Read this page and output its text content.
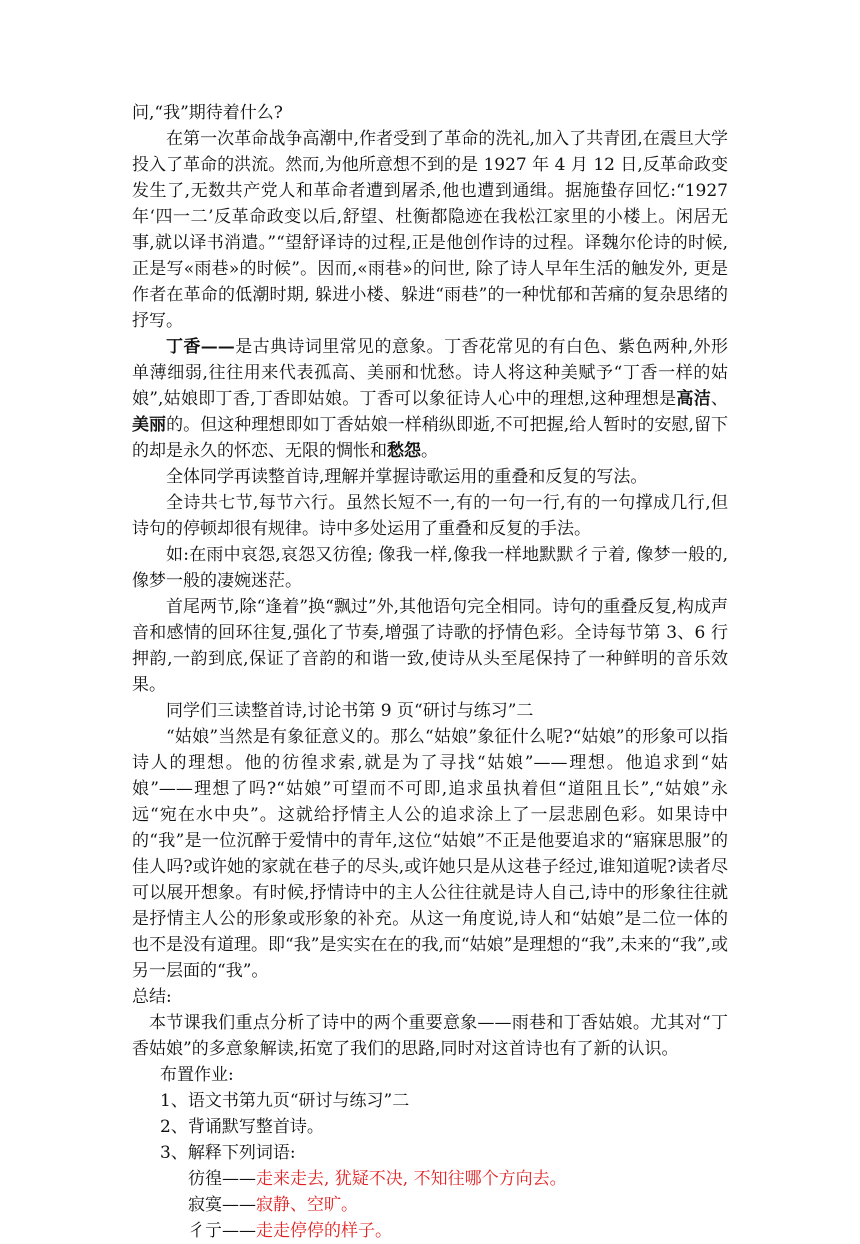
问,“我”期待着什么?

在第一次革命战争高潮中,作者受到了革命的洗礼,加入了共青团,在震旦大学投入了革命的洪流。然而,为他所意想不到的是 1927 年 4 月 12 日,反革命政变发生了,无数共产党人和革命者遭到屠杀,他也遭到通缉。据施蛰存回忆:“1927 年‘四一二’反革命政变以后,舒望、杜衡都隐迹在我松江家里的小楼上。闲居无事,就以译书消遣。”“望舒译诗的过程,正是他创作诗的过程。译魏尔伦诗的时候,正是写«雨巷»的时候”。因而,«雨巷»的问世, 除了诗人早年生活的触发外, 更是作者在革命的低潮时期, 躲进小楼、躲进“雨巷”的一种忧郁和苦痛的复杂思绪的抒写。

丁香——是古典诗词里常见的意象。丁香花常见的有白色、紫色两种,外形单薄细弱,往往用来代表孤高、美丽和忧愁。诗人将这种美赋予“丁香一样的姑娘”,姑娘即丁香,丁香即姑娘。丁香可以象征诗人心中的理想,这种理想是高洁、美丽的。但这种理想即如丁香姑娘一样稍纵即逝,不可把握,给人暂时的安慰,留下的却是永久的怀恋、无限的惆怅和愁怨。

全体同学再读整首诗,理解并掌握诗歌运用的重叠和反复的写法。

全诗共七节,每节六行。虽然长短不一,有的一句一行,有的一句撑成几行,但诗句的停顿却很有规律。诗中多处运用了重叠和反复的手法。

如:在雨中哀怨,哀怨又彷徨; 像我一样,像我一样地默默彳亍着, 像梦一般的,像梦一般的凄婉迷茫。

首尾两节,除“逢着”换“飘过”外,其他语句完全相同。诗句的重叠反复,构成声音和感情的回环往复,强化了节奏,增强了诗歌的抒情色彩。全诗每节第 3、6 行押韵,一韵到底,保证了音韵的和谐一致,使诗从头至尾保持了一种鲜明的音乐效果。

同学们三读整首诗,讨论书第 9 页“研讨与练习”二

“姑娘”当然是有象征意义的。那么“姑娘”象征什么呢?“姑娘”的形象可以指诗人的理想。他的彷徨求索,就是为了寻找“姑娘”——理想。他追求到“姑娘”——理想了吗?“姑娘”可望而不可即,追求虽执着但“道阻且长”,“姑娘”永远“宛在水中央”。这就给抒情主人公的追求涂上了一层悲剧色彩。如果诗中的“我”是一位沉醉于爱情中的青年,这位“姑娘”不正是他要追求的“寤寐思服”的佳人吗?或许她的家就在巷子的尽头,或许她只是从这巷子经过,谁知道呢?读者尽可以展开想象。有时候,抒情诗中的主人公往往就是诗人自己,诗中的形象往往就是抒情主人公的形象或形象的补充。从这一角度说,诗人和“姑娘”是二位一体的也不是没有道理。即“我”是实实在在的我,而“姑娘”是理想的“我”,未来的“我”,或另一层面的“我”。

总结:

本节课我们重点分析了诗中的两个重要意象——雨巷和丁香姑娘。尤其对“丁香姑娘”的多意象解读,拓宽了我们的思路,同时对这首诗也有了新的认识。

布置作业:

1、语文书第九页“研讨与练习”二

2、背诵默写整首诗。

3、解释下列词语:

彷徨——走来走去, 犹疑不决, 不知往哪个方向去。

寂寞——寂静、空旷。

彳亍——走走停停的样子。
